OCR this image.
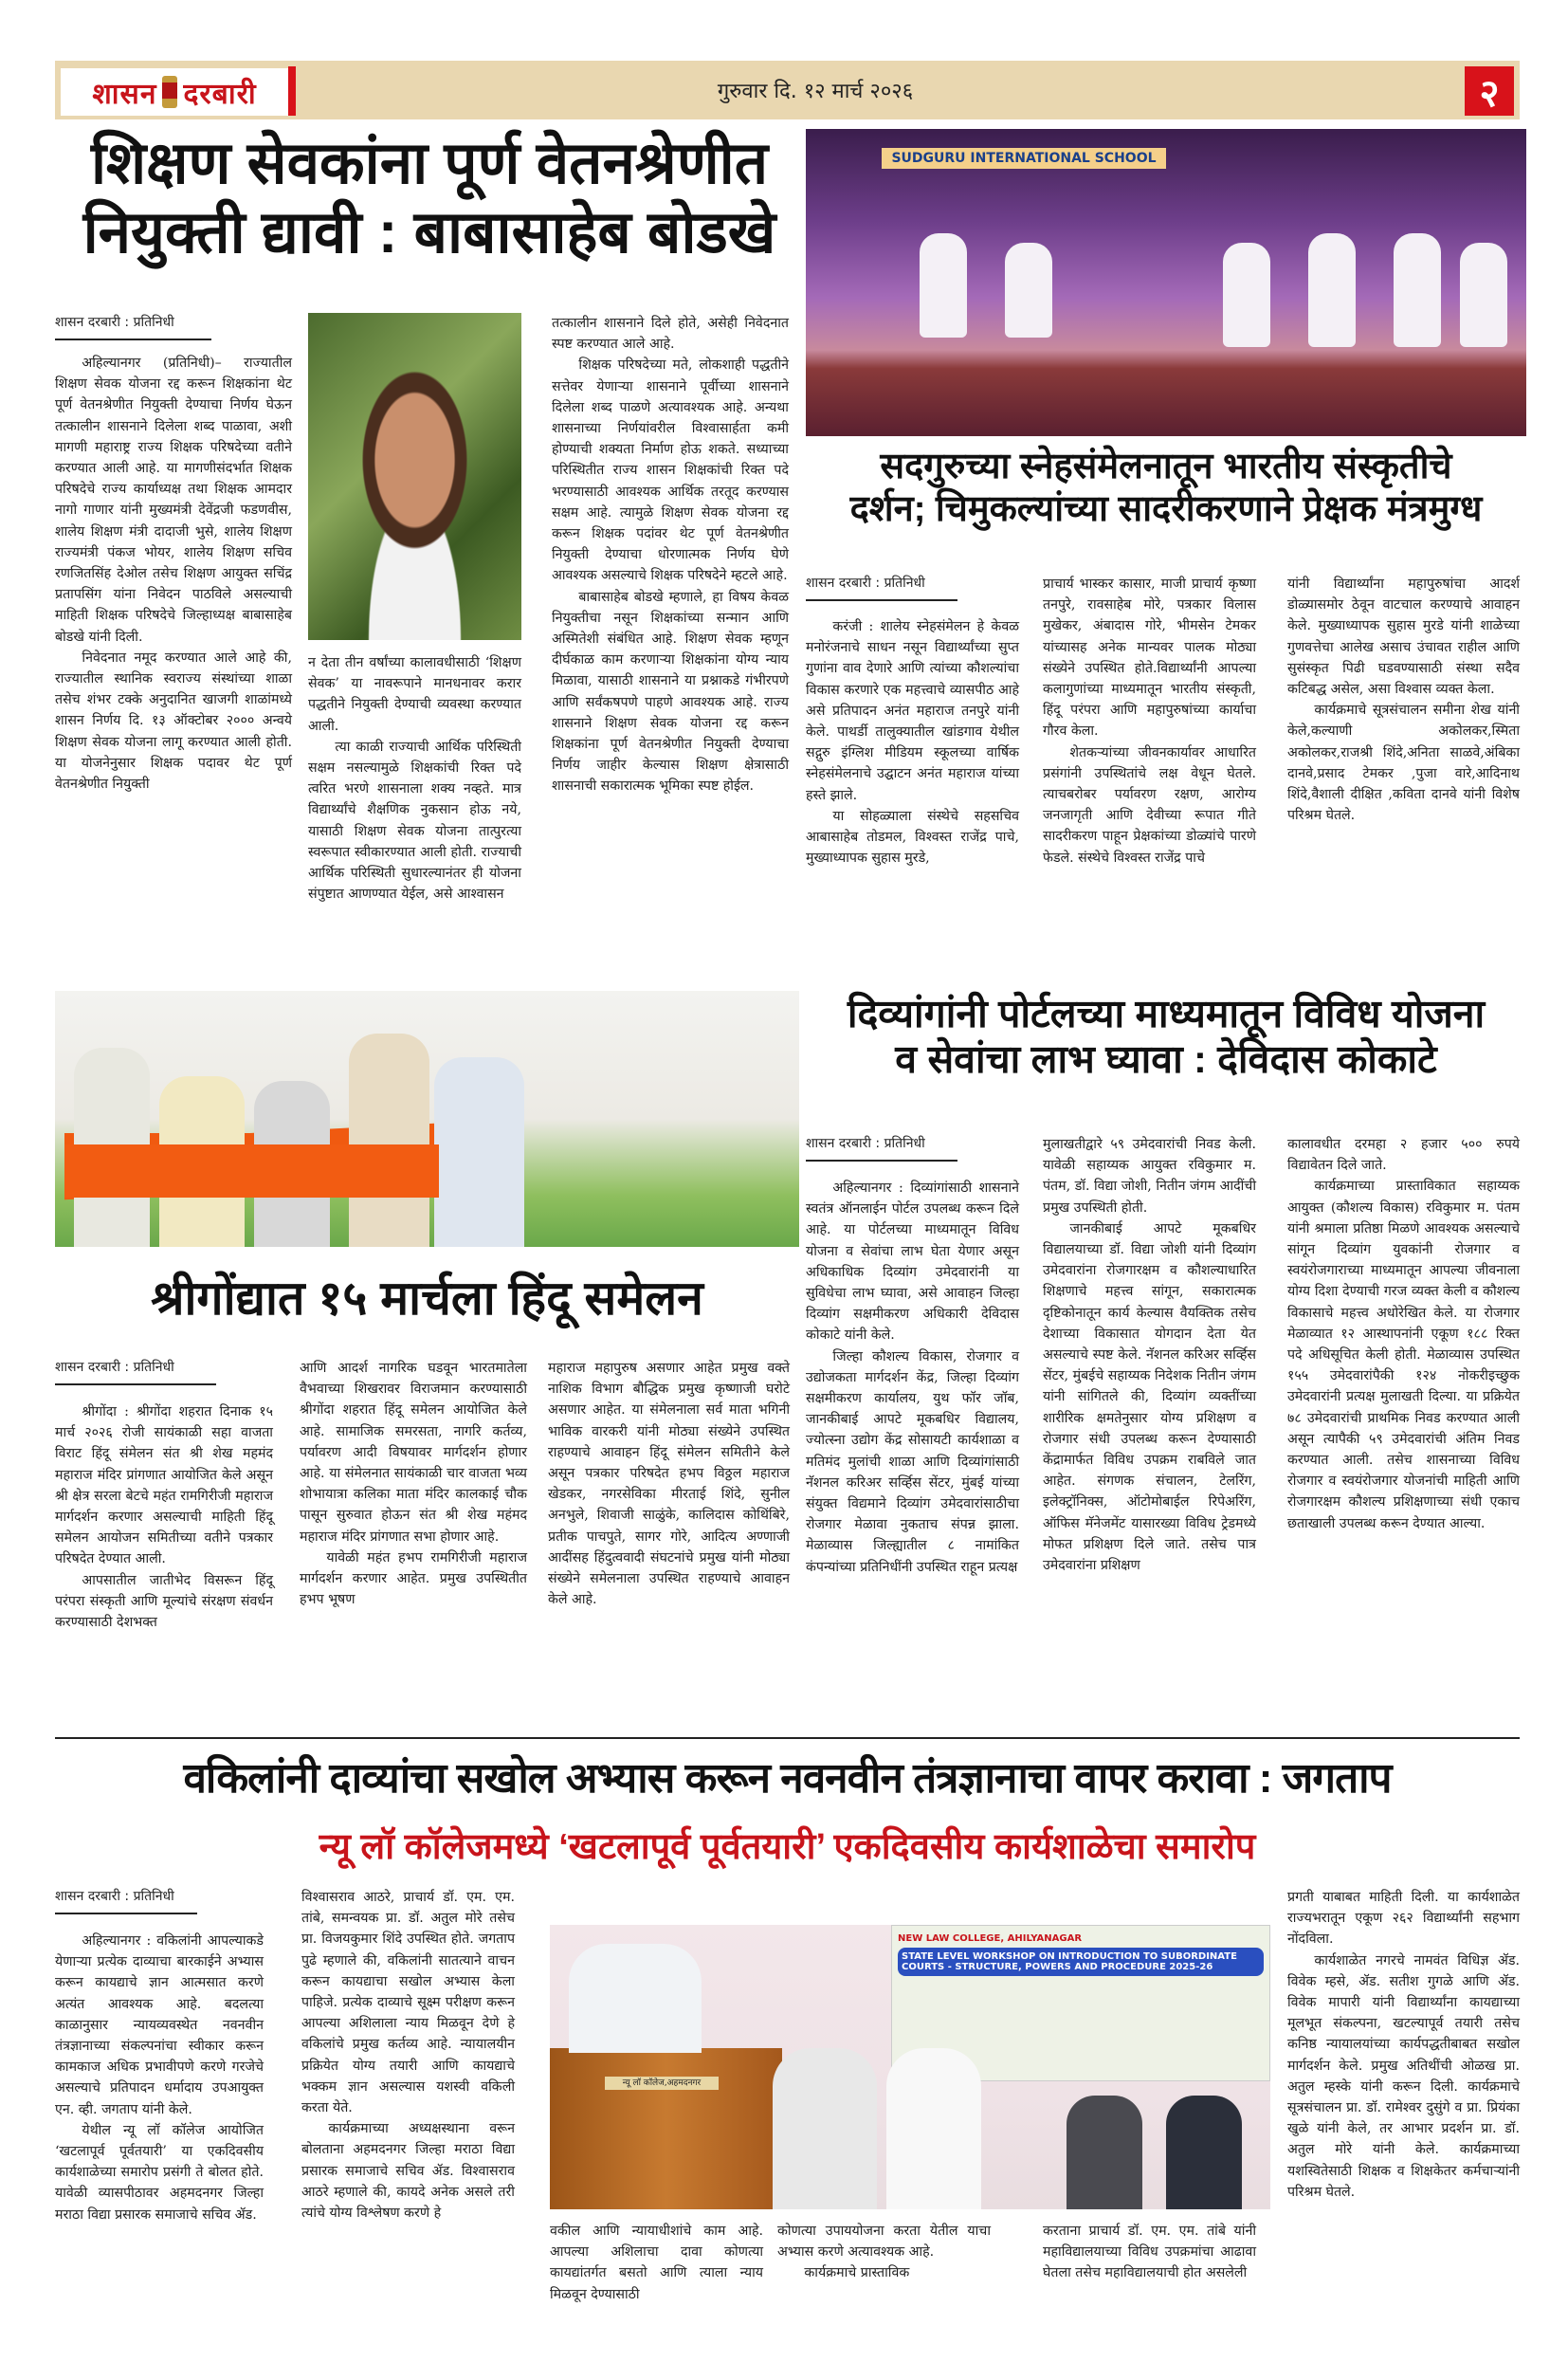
शासन दरबारी	गुरुवार दि. १२ मार्च २०२६	२
शिक्षण सेवकांना पूर्ण वेतनश्रेणीत
नियुक्ती द्यावी : बाबासाहेब बोडखे
शासन दरबारी : प्रतिनिधी

अहिल्यानगर (प्रतिनिधी)– राज्यातील शिक्षण सेवक योजना रद्द करून शिक्षकांना थेट पूर्ण वेतनश्रेणीत नियुक्ती देण्याचा निर्णय घेऊन तत्कालीन शासनाने दिलेला शब्द पाळावा, अशी मागणी महाराष्ट्र राज्य शिक्षक परिषदेच्या वतीने करण्यात आली आहे. या मागणीसंदर्भात शिक्षक परिषदेचे राज्य कार्याध्यक्ष तथा शिक्षक आमदार नागो गाणार यांनी मुख्यमंत्री देवेंद्रजी फडणवीस, शालेय शिक्षण मंत्री दादाजी भुसे, शालेय शिक्षण राज्यमंत्री पंकज भोयर, शालेय शिक्षण सचिव रणजितसिंह देओल तसेच शिक्षण आयुक्त सचिंद्र प्रतापसिंग यांना निवेदन पाठविले असल्याची माहिती शिक्षक परिषदेचे जिल्हाध्यक्ष बाबासाहेब बोडखे यांनी दिली.

निवेदनात नमूद करण्यात आले आहे की, राज्यातील स्थानिक स्वराज्य संस्थांच्या शाळा तसेच शंभर टक्के अनुदानित खाजगी शाळांमध्ये शासन निर्णय दि. १३ ऑक्टोबर २००० अन्वये शिक्षण सेवक योजना लागू करण्यात आली होती. या योजनेनुसार शिक्षक पदावर थेट पूर्ण वेतनश्रेणीत नियुक्ती

न देता तीन वर्षांच्या कालावधीसाठी ‘शिक्षण सेवक’ या नावरूपाने मानधनावर करार पद्धतीने नियुक्ती देण्याची व्यवस्था करण्यात आली.

त्या काळी राज्याची आर्थिक परिस्थिती सक्षम नसल्यामुळे शिक्षकांची रिक्त पदे त्वरित भरणे शासनाला शक्य नव्हते. मात्र विद्यार्थ्यांचे शैक्षणिक नुकसान होऊ नये, यासाठी शिक्षण सेवक योजना तात्पुरत्या स्वरूपात स्वीकारण्यात आली होती. राज्याची आर्थिक परिस्थिती सुधारल्यानंतर ही योजना संपुष्टात आणण्यात येईल, असे आश्वासन

तत्कालीन शासनाने दिले होते, असेही निवेदनात स्पष्ट करण्यात आले आहे.

शिक्षक परिषदेच्या मते, लोकशाही पद्धतीने सत्तेवर येणाऱ्या शासनाने पूर्वीच्या शासनाने दिलेला शब्द पाळणे अत्यावश्यक आहे. अन्यथा शासनाच्या निर्णयांवरील विश्वासार्हता कमी होण्याची शक्यता निर्माण होऊ शकते. सध्याच्या परिस्थितीत राज्य शासन शिक्षकांची रिक्त पदे भरण्यासाठी आवश्यक आर्थिक तरतूद करण्यास सक्षम आहे. त्यामुळे शिक्षण सेवक योजना रद्द करून शिक्षक पदांवर थेट पूर्ण वेतनश्रेणीत नियुक्ती देण्याचा धोरणात्मक निर्णय घेणे आवश्यक असल्याचे शिक्षक परिषदेने म्हटले आहे.

बाबासाहेब बोडखे म्हणाले, हा विषय केवळ नियुक्तीचा नसून शिक्षकांच्या सन्मान आणि अस्मितेशी संबंधित आहे. शिक्षण सेवक म्हणून दीर्घकाळ काम करणाऱ्या शिक्षकांना योग्य न्याय मिळावा, यासाठी शासनाने या प्रश्नाकडे गंभीरपणे आणि सर्वंकषपणे पाहणे आवश्यक आहे. राज्य शासनाने शिक्षण सेवक योजना रद्द करून शिक्षकांना पूर्ण वेतनश्रेणीत नियुक्ती देण्याचा निर्णय जाहीर केल्यास शिक्षण क्षेत्रासाठी शासनाची सकारात्मक भूमिका स्पष्ट होईल.

SUDGURU INTERNATIONAL SCHOOL
सदगुरुच्या स्नेहसंमेलनातून भारतीय संस्कृतीचे
दर्शन; चिमुकल्यांच्या सादरीकरणाने प्रेक्षक मंत्रमुग्ध
शासन दरबारी : प्रतिनिधी

करंजी : शालेय स्नेहसंमेलन हे केवळ मनोरंजनाचे साधन नसून विद्यार्थ्यांच्या सुप्त गुणांना वाव देणारे आणि त्यांच्या कौशल्यांचा विकास करणारे एक महत्त्वाचे व्यासपीठ आहे असे प्रतिपादन अनंत महाराज तनपुरे यांनी केले. पाथर्डी तालुक्यातील खांडगाव येथील सद्गुरु इंग्लिश मीडियम स्कूलच्या वार्षिक स्नेहसंमेलनाचे उद्घाटन अनंत महाराज यांच्या हस्ते झाले.

या सोहळ्याला संस्थेचे सहसचिव आबासाहेब तोडमल, विश्वस्त राजेंद्र पाचे, मुख्याध्यापक सुहास मुरडे,

प्राचार्य भास्कर कासार, माजी प्राचार्य कृष्णा तनपुरे, रावसाहेब मोरे, पत्रकार विलास मुखेकर, अंबादास गोरे, भीमसेन टेमकर यांच्यासह अनेक मान्यवर पालक मोठ्या संख्येने उपस्थित होते.विद्यार्थ्यांनी आपल्या कलागुणांच्या माध्यमातून भारतीय संस्कृती, हिंदू परंपरा आणि महापुरुषांच्या कार्याचा गौरव केला.

शेतकऱ्यांच्या जीवनकार्यावर आधारित प्रसंगांनी उपस्थितांचे लक्ष वेधून घेतले. त्याचबरोबर पर्यावरण रक्षण, आरोग्य जनजागृती आणि देवीच्या रूपात गीते सादरीकरण पाहून प्रेक्षकांच्या डोळ्यांचे पारणे फेडले. संस्थेचे विश्वस्त राजेंद्र पाचे

यांनी विद्यार्थ्यांना महापुरुषांचा आदर्श डोळ्यासमोर ठेवून वाटचाल करण्याचे आवाहन केले. मुख्याध्यापक सुहास मुरडे यांनी शाळेच्या गुणवत्तेचा आलेख असाच उंचावत राहील आणि सुसंस्कृत पिढी घडवण्यासाठी संस्था सदैव कटिबद्ध असेल, असा विश्वास व्यक्त केला.

कार्यक्रमाचे सूत्रसंचालन समीना शेख यांनी केले,कल्याणी अकोलकर,स्मिता अकोलकर,राजश्री शिंदे,अनिता साळवे,अंबिका दानवे,प्रसाद टेमकर ,पुजा वारे,आदिनाथ शिंदे,वैशाली दीक्षित ,कविता दानवे यांनी विशेष परिश्रम घेतले.

श्रीगोंद्यात १५ मार्चला हिंदू समेलन
शासन दरबारी : प्रतिनिधी

श्रीगोंदा : श्रीगोंदा शहरात दिनाक १५ मार्च २०२६ रोजी सायंकाळी सहा वाजता विराट हिंदू संमेलन संत श्री शेख महमंद महाराज मंदिर प्रांगणात आयोजित केले असून श्री क्षेत्र सरला बेटचे महंत रामगिरीजी महाराज मार्गदर्शन करणार असल्याची माहिती हिंदू समेलन आयोजन समितीच्या वतीने पत्रकार परिषदेत देण्यात आली.

आपसातील जातीभेद विसरून हिंदू परंपरा संस्कृती आणि मूल्यांचे संरक्षण संवर्धन करण्यासाठी देशभक्त

आणि आदर्श नागरिक घडवून भारतमातेला वैभवाच्या शिखरावर विराजमान करण्यासाठी श्रीगोंदा शहरात हिंदू समेलन आयोजित केले आहे. सामाजिक समरसता, नागरि कर्तव्य, पर्यावरण आदी विषयावर मार्गदर्शन होणार आहे. या संमेलनात सायंकाळी चार वाजता भव्य शोभायात्रा कलिका माता मंदिर कालकाई चौक पासून सुरुवात होऊन संत श्री शेख महंमद महाराज मंदिर प्रांगणात सभा होणार आहे.

यावेळी महंत हभप रामगिरीजी महाराज मार्गदर्शन करणार आहेत. प्रमुख उपस्थितीत हभप भूषण

महाराज महापुरुष असणार आहेत प्रमुख वक्ते नाशिक विभाग बौद्धिक प्रमुख कृष्णाजी घरोटे असणार आहेत. या संमेलनाला सर्व माता भगिनी भाविक वारकरी यांनी मोठ्या संख्येने उपस्थित राहण्याचे आवाहन हिंदू संमेलन समितीने केले असून पत्रकार परिषदेत हभप विठ्ठल महाराज खेडकर, नगरसेविका मीरताई शिंदे, सुनील अनभुले, शिवाजी साळुंके, कालिदास कोथिंबिरे, प्रतीक पाचपुते, सागर गोरे, आदित्य अण्णाजी आदींसह हिंदुत्ववादी संघटनांचे प्रमुख यांनी मोठ्या संख्येने समेलनाला उपस्थित राहण्याचे आवाहन केले आहे.

दिव्यांगांनी पोर्टलच्या माध्यमातून विविध योजना
व सेवांचा लाभ घ्यावा : देविदास कोकाटे
शासन दरबारी : प्रतिनिधी

अहिल्यानगर : दिव्यांगांसाठी शासनाने स्वतंत्र ऑनलाईन पोर्टल उपलब्ध करून दिले आहे. या पोर्टलच्या माध्यमातून विविध योजना व सेवांचा लाभ घेता येणार असून अधिकाधिक दिव्यांग उमेदवारांनी या सुविधेचा लाभ घ्यावा, असे आवाहन जिल्हा दिव्यांग सक्षमीकरण अधिकारी देविदास कोकाटे यांनी केले.

जिल्हा कौशल्य विकास, रोजगार व उद्योजकता मार्गदर्शन केंद्र, जिल्हा दिव्यांग सक्षमीकरण कार्यालय, युथ फॉर जॉब, जानकीबाई आपटे मूकबधिर विद्यालय, ज्योत्स्ना उद्योग केंद्र सोसायटी कार्यशाळा व मतिमंद मुलांची शाळा आणि दिव्यांगांसाठी नॅशनल करिअर सर्व्हिस सेंटर, मुंबई यांच्या संयुक्त विद्यमाने दिव्यांग उमेदवारांसाठीचा रोजगार मेळावा नुकताच संपन्न झाला. मेळाव्यास जिल्ह्यातील ८ नामांकित कंपन्यांच्या प्रतिनिधींनी उपस्थित राहून प्रत्यक्ष

मुलाखतीद्वारे ५९ उमेदवारांची निवड केली. यावेळी सहाय्यक आयुक्त रविकुमार म. पंतम, डॉ. विद्या जोशी, नितीन जंगम आदींची प्रमुख उपस्थिती होती.

जानकीबाई आपटे मूकबधिर विद्यालयाच्या डॉ. विद्या जोशी यांनी दिव्यांग उमेदवारांना रोजगारक्षम व कौशल्याधारित शिक्षणाचे महत्त्व सांगून, सकारात्मक दृष्टिकोनातून कार्य केल्यास वैयक्तिक तसेच देशाच्या विकासात योगदान देता येत असल्याचे स्पष्ट केले. नॅशनल करिअर सर्व्हिस सेंटर, मुंबईचे सहाय्यक निदेशक नितीन जंगम यांनी सांगितले की, दिव्यांग व्यक्तींच्या शारीरिक क्षमतेनुसार योग्य प्रशिक्षण व रोजगार संधी उपलब्ध करून देण्यासाठी केंद्रामार्फत विविध उपक्रम राबविले जात आहेत. संगणक संचालन, टेलरिंग, इलेक्ट्रॉनिक्स, ऑटोमोबाईल रिपेअरिंग, ऑफिस मॅनेजमेंट यासारख्या विविध ट्रेडमध्ये मोफत प्रशिक्षण दिले जाते. तसेच पात्र उमेदवारांना प्रशिक्षण

कालावधीत दरमहा २ हजार ५०० रुपये विद्यावेतन दिले जाते.

कार्यक्रमाच्या प्रास्ताविकात सहाय्यक आयुक्त (कौशल्य विकास) रविकुमार म. पंतम यांनी श्रमाला प्रतिष्ठा मिळणे आवश्यक असल्याचे सांगून दिव्यांग युवकांनी रोजगार व स्वयंरोजगाराच्या माध्यमातून आपल्या जीवनाला योग्य दिशा देण्याची गरज व्यक्त केली व कौशल्य विकासाचे महत्त्व अधोरेखित केले. या रोजगार मेळाव्यात १२ आस्थापनांनी एकूण १८८ रिक्त पदे अधिसूचित केली होती. मेळाव्यास उपस्थित १५५ उमेदवारांपैकी १२४ नोकरीइच्छुक उमेदवारांनी प्रत्यक्ष मुलाखती दिल्या. या प्रक्रियेत ७८ उमेदवारांची प्राथमिक निवड करण्यात आली असून त्यापैकी ५९ उमेदवारांची अंतिम निवड करण्यात आली. तसेच शासनाच्या विविध रोजगार व स्वयंरोजगार योजनांची माहिती आणि रोजगारक्षम कौशल्य प्रशिक्षणाच्या संधी एकाच छताखाली उपलब्ध करून देण्यात आल्या.

वकिलांनी दाव्यांचा सखोल अभ्यास करून नवनवीन तंत्रज्ञानाचा वापर करावा : जगताप
न्यू लॉ कॉलेजमध्ये ‘खटलापूर्व पूर्वतयारी’ एकदिवसीय कार्यशाळेचा समारोप
शासन दरबारी : प्रतिनिधी

अहिल्यानगर : वकिलांनी आपल्याकडे येणाऱ्या प्रत्येक दाव्याचा बारकाईने अभ्यास करून कायद्याचे ज्ञान आत्मसात करणे अत्यंत आवश्यक आहे. बदलत्या काळानुसार न्यायव्यवस्थेत नवनवीन तंत्रज्ञानाच्या संकल्पनांचा स्वीकार करून कामकाज अधिक प्रभावीपणे करणे गरजेचे असल्याचे प्रतिपादन धर्मादाय उपआयुक्त एन. व्ही. जगताप यांनी केले.

येथील न्यू लॉ कॉलेज आयोजित ‘खटलापूर्व पूर्वतयारी’ या एकदिवसीय कार्यशाळेच्या समारोप प्रसंगी ते बोलत होते. यावेळी व्यासपीठावर अहमदनगर जिल्हा मराठा विद्या प्रसारक समाजाचे सचिव ॲड.

विश्वासराव आठरे, प्राचार्य डॉ. एम. एम. तांबे, समन्वयक प्रा. डॉ. अतुल मोरे तसेच प्रा. विजयकुमार शिंदे उपस्थित होते. जगताप पुढे म्हणाले की, वकिलांनी सातत्याने वाचन करून कायद्याचा सखोल अभ्यास केला पाहिजे. प्रत्येक दाव्याचे सूक्ष्म परीक्षण करून आपल्या अशिलाला न्याय मिळवून देणे हे वकिलांचे प्रमुख कर्तव्य आहे. न्यायालयीन प्रक्रियेत योग्य तयारी आणि कायद्याचे भक्कम ज्ञान असल्यास यशस्वी वकिली करता येते.

कार्यक्रमाच्या अध्यक्षस्थाना वरून बोलताना अहमदनगर जिल्हा मराठा विद्या प्रसारक समाजाचे सचिव ॲड. विश्वासराव आठरे म्हणाले की, कायदे अनेक असले तरी त्यांचे योग्य विश्लेषण करणे हे

न्यू लॉ कॉलेज,अहमदनगर
NEW LAW COLLEGE, AHILYANAGAR
STATE LEVEL WORKSHOP ON INTRODUCTION TO SUBORDINATE COURTS - STRUCTURE, POWERS AND PROCEDURE 2025-26

वकील आणि न्यायाधीशांचे काम आहे. आपल्या अशिलाचा दावा कोणत्या कायद्यांतर्गत बसतो आणि त्याला न्याय मिळवून देण्यासाठी

कोणत्या उपाययोजना करता येतील याचा अभ्यास करणे अत्यावश्यक आहे.

कार्यक्रमाचे प्रास्ताविक

करताना प्राचार्य डॉ. एम. एम. तांबे यांनी महाविद्यालयाच्या विविध उपक्रमांचा आढावा घेतला तसेच महाविद्यालयाची होत असलेली

प्रगती याबाबत माहिती दिली. या कार्यशाळेत राज्यभरातून एकूण २६२ विद्यार्थ्यांनी सहभाग नोंदविला.

कार्यशाळेत नगरचे नामवंत विधिज्ञ ॲड. विवेक म्हसे, ॲड. सतीश गुगळे आणि ॲड. विवेक मापारी यांनी विद्यार्थ्यांना कायद्याच्या मूलभूत संकल्पना, खटल्यापूर्व तयारी तसेच कनिष्ठ न्यायालयांच्या कार्यपद्धतीबाबत सखोल मार्गदर्शन केले. प्रमुख अतिथींची ओळख प्रा. अतुल म्हस्के यांनी करून दिली. कार्यक्रमाचे सूत्रसंचालन प्रा. डॉ. रामेश्वर दुसुंगे व प्रा. प्रियंका खुळे यांनी केले, तर आभार प्रदर्शन प्रा. डॉ. अतुल मोरे यांनी केले. कार्यक्रमाच्या यशस्वितेसाठी शिक्षक व शिक्षकेतर कर्मचाऱ्यांनी परिश्रम घेतले.
